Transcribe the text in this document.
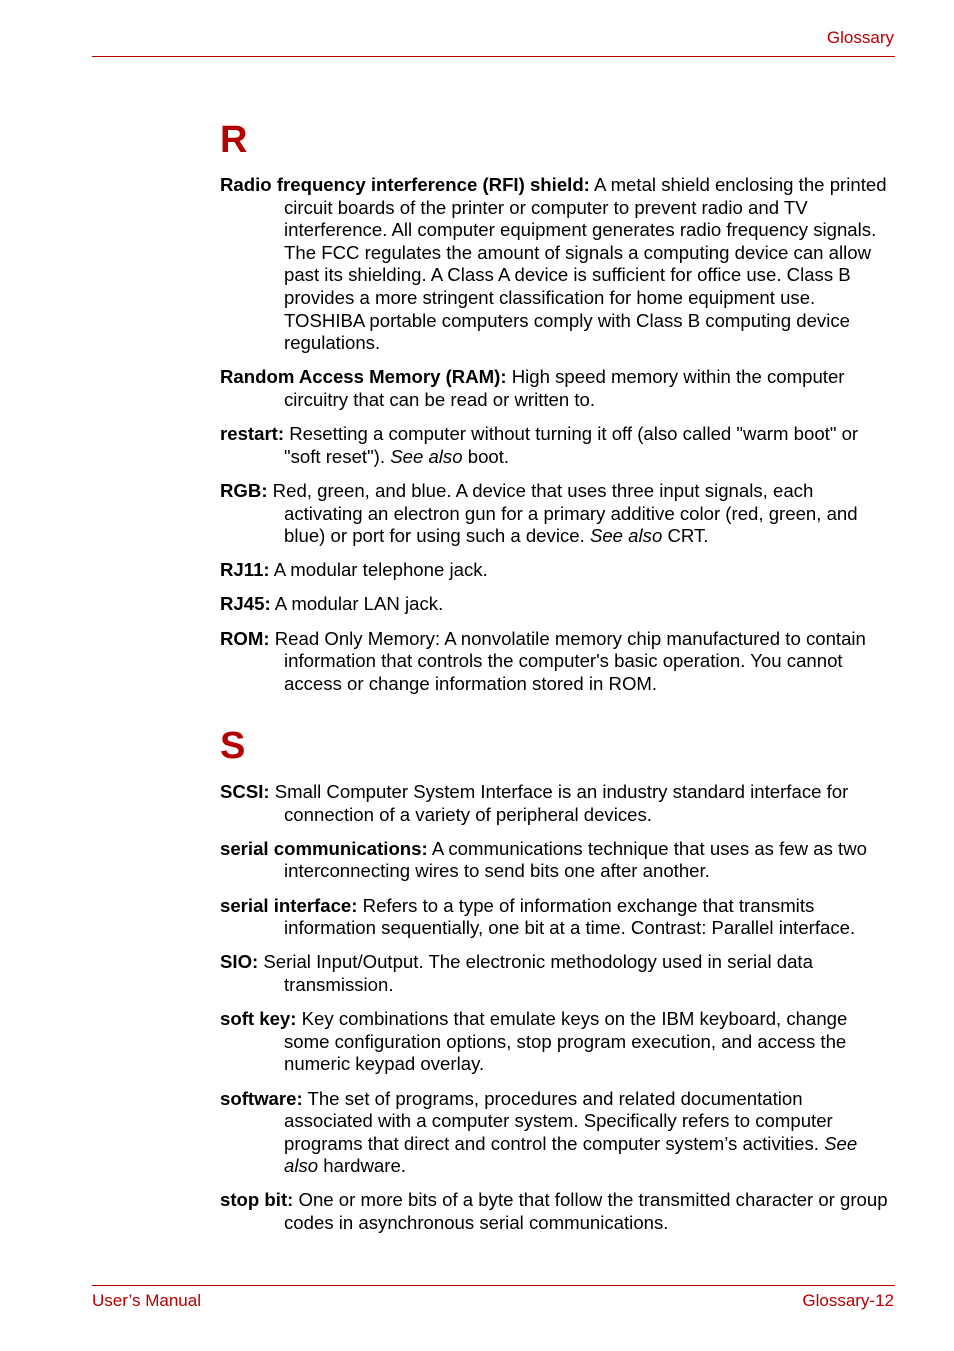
Glossary
R

Radio frequency interference (RFI) shield: A metal shield enclosing the printed circuit boards of the printer or computer to prevent radio and TV interference. All computer equipment generates radio frequency signals. The FCC regulates the amount of signals a computing device can allow past its shielding. A Class A device is sufficient for office use. Class B provides a more stringent classification for home equipment use. TOSHIBA portable computers comply with Class B computing device regulations.

Random Access Memory (RAM): High speed memory within the computer circuitry that can be read or written to.

restart: Resetting a computer without turning it off (also called "warm boot" or "soft reset"). See also boot.

RGB: Red, green, and blue. A device that uses three input signals, each activating an electron gun for a primary additive color (red, green, and blue) or port for using such a device. See also CRT.

RJ11: A modular telephone jack.

RJ45: A modular LAN jack.

ROM: Read Only Memory: A nonvolatile memory chip manufactured to contain information that controls the computer's basic operation. You cannot access or change information stored in ROM.

S

SCSI: Small Computer System Interface is an industry standard interface for connection of a variety of peripheral devices.

serial communications: A communications technique that uses as few as two interconnecting wires to send bits one after another.

serial interface: Refers to a type of information exchange that transmits information sequentially, one bit at a time. Contrast: Parallel interface.

SIO: Serial Input/Output. The electronic methodology used in serial data transmission.

soft key: Key combinations that emulate keys on the IBM keyboard, change some configuration options, stop program execution, and access the numeric keypad overlay.

software: The set of programs, procedures and related documentation associated with a computer system. Specifically refers to computer programs that direct and control the computer system’s activities. See also hardware.

stop bit: One or more bits of a byte that follow the transmitted character or group codes in asynchronous serial communications.

User’s Manual	Glossary-12
